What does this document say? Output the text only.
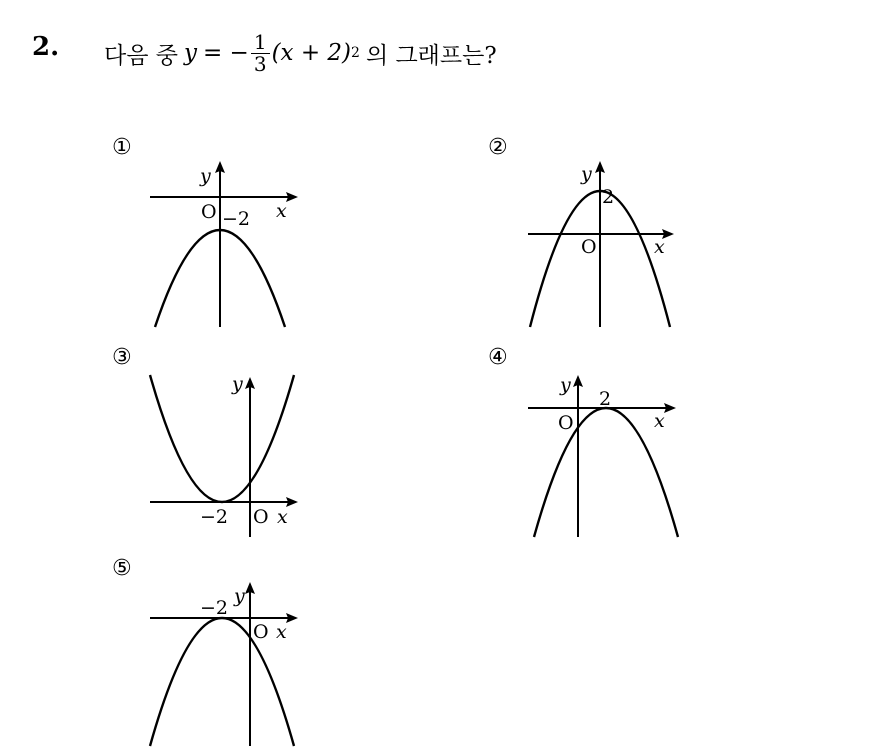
2. 다음 중 y = − $\frac{1}{3} (x + 2)$ 2 의 그래프는?
①
y
x
O −2
②
y
x
O
2
③
y
x
O
−2
④
y
x
O
2
⑤
y
x
O
−2
